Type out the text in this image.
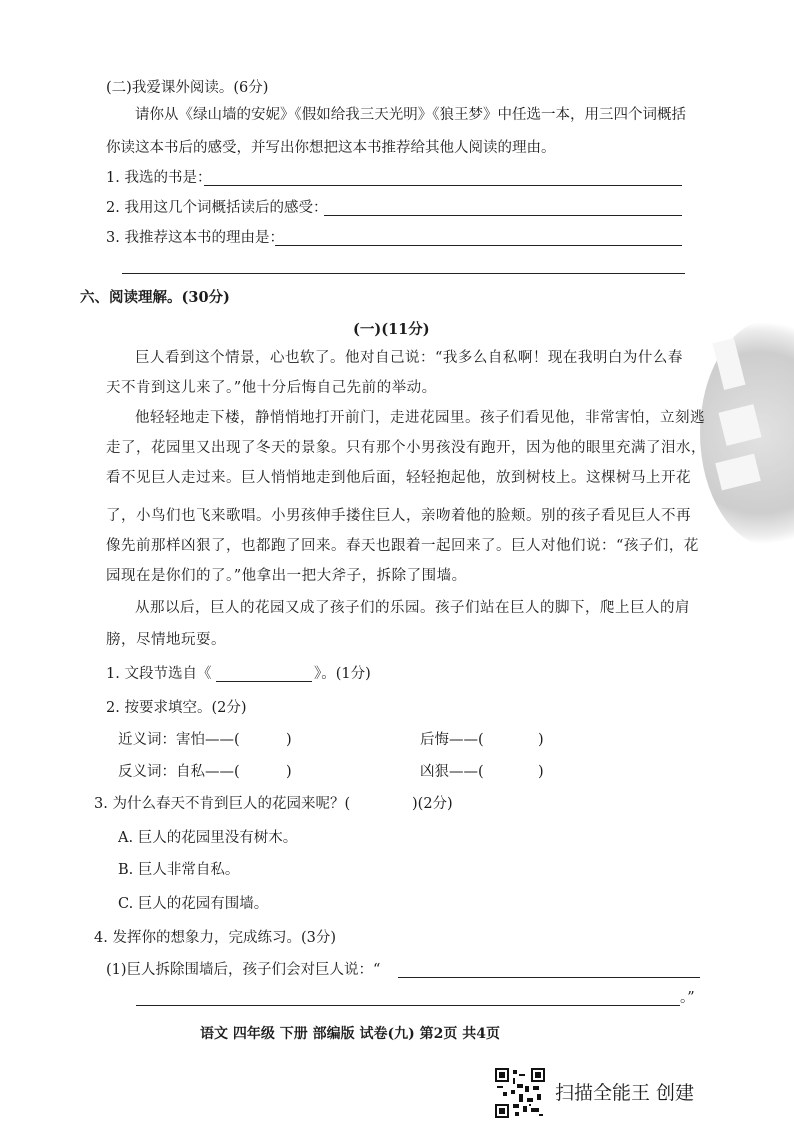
(二)我爱课外阅读。(6分)
请你从《绿山墙的安妮》《假如给我三天光明》《狼王梦》中任选一本，用三四个词概括
你读这本书后的感受，并写出你想把这本书推荐给其他人阅读的理由。
1. 我选的书是：
2. 我用这几个词概括读后的感受：
3. 我推荐这本书的理由是：
六、阅读理解。(30分)
(一)(11分)
巨人看到这个情景，心也软了。他对自己说：“我多么自私啊！现在我明白为什么春
天不肯到这儿来了。”他十分后悔自己先前的举动。
他轻轻地走下楼，静悄悄地打开前门，走进花园里。孩子们看见他，非常害怕，立刻逃
走了，花园里又出现了冬天的景象。只有那个小男孩没有跑开，因为他的眼里充满了泪水，
看不见巨人走过来。巨人悄悄地走到他后面，轻轻抱起他，放到树枝上。这棵树马上开花
了，小鸟们也飞来歌唱。小男孩伸手搂住巨人，亲吻着他的脸颊。别的孩子看见巨人不再
像先前那样凶狠了，也都跑了回来。春天也跟着一起回来了。巨人对他们说：“孩子们，花
园现在是你们的了。”他拿出一把大斧子，拆除了围墙。
从那以后，巨人的花园又成了孩子们的乐园。孩子们站在巨人的脚下，爬上巨人的肩
膀，尽情地玩耍。
1. 文段节选自《	》。(1分)
2. 按要求填空。(2分)
近义词：害怕——(	)	后悔——(	)
反义词：自私——(	)	凶狠——(	)
3. 为什么春天不肯到巨人的花园来呢？(	)(2分)
A. 巨人的花园里没有树木。
B. 巨人非常自私。
C. 巨人的花园有围墙。
4. 发挥你的想象力，完成练习。(3分)
(1)巨人拆除围墙后，孩子们会对巨人说：“
。”
语文 四年级 下册 部编版 试卷(九) 第2页 共4页
扫描全能王 创建
